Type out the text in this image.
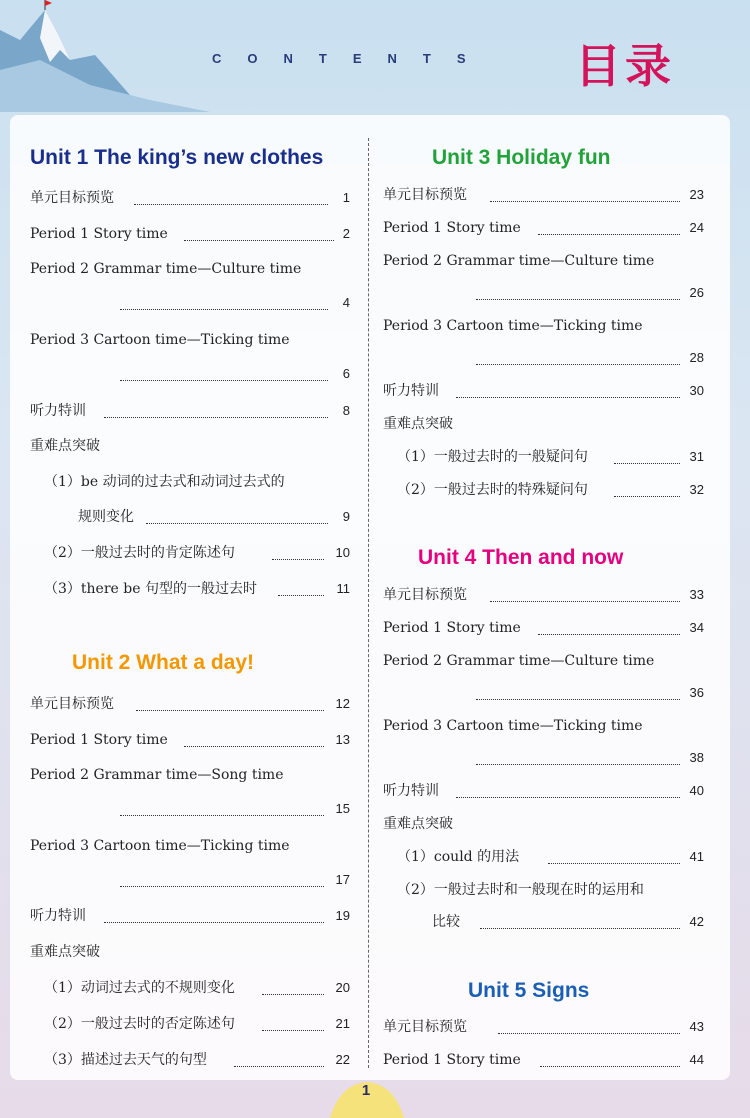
CONTENTS 目录
Unit 1 The king’s new clothes
单元目标预览	1
Period 1 Story time	2
Period 2 Grammar time—Culture time
4
Period 3 Cartoon time—Ticking time
6
听力特训	8
重难点突破
（1）be 动词的过去式和动词过去式的
规则变化	9
（2）一般过去时的肯定陈述句	10
（3）there be 句型的一般过去时	11
Unit 2 What a day!
单元目标预览	12
Period 1 Story time	13
Period 2 Grammar time—Song time
15
Period 3 Cartoon time—Ticking time
17
听力特训	19
重难点突破
（1）动词过去式的不规则变化	20
（2）一般过去时的否定陈述句	21
（3）描述过去天气的句型	22
Unit 3 Holiday fun
单元目标预览	23
Period 1 Story time	24
Period 2 Grammar time—Culture time
26
Period 3 Cartoon time—Ticking time
28
听力特训	30
重难点突破
（1）一般过去时的一般疑问句	31
（2）一般过去时的特殊疑问句	32
Unit 4 Then and now
单元目标预览	33
Period 1 Story time	34
Period 2 Grammar time—Culture time
36
Period 3 Cartoon time—Ticking time
38
听力特训	40
重难点突破
（1）could 的用法	41
（2）一般过去时和一般现在时的运用和
比较	42
Unit 5 Signs
单元目标预览	43
Period 1 Story time	44
1
